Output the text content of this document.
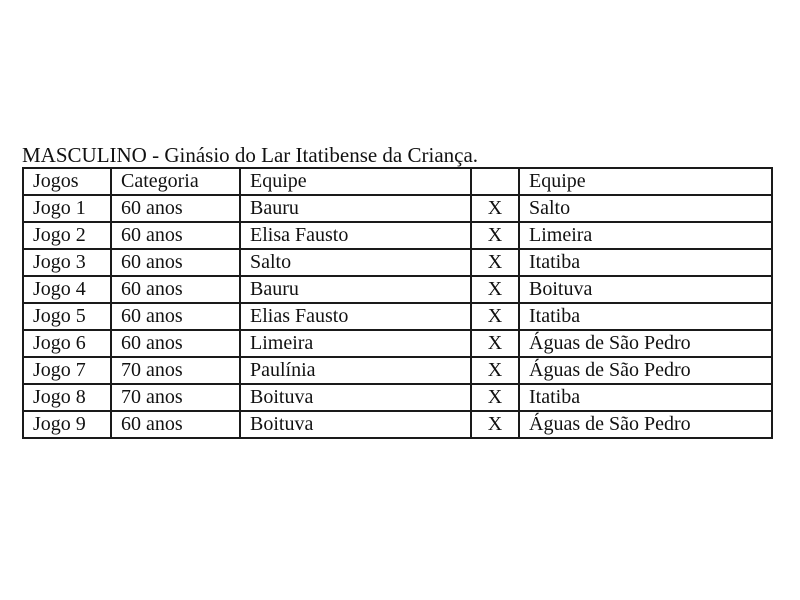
MASCULINO - Ginásio do Lar Itatibense da Criança.
Jogos	Categoria	Equipe		Equipe
Jogo 1	60 anos	Bauru	X	Salto
Jogo 2	60 anos	Elisa Fausto	X	Limeira
Jogo 3	60 anos	Salto	X	Itatiba
Jogo 4	60 anos	Bauru	X	Boituva
Jogo 5	60 anos	Elias Fausto	X	Itatiba
Jogo 6	60 anos	Limeira	X	Águas de São Pedro
Jogo 7	70 anos	Paulínia	X	Águas de São Pedro
Jogo 8	70 anos	Boituva	X	Itatiba
Jogo 9	60 anos	Boituva	X	Águas de São Pedro
